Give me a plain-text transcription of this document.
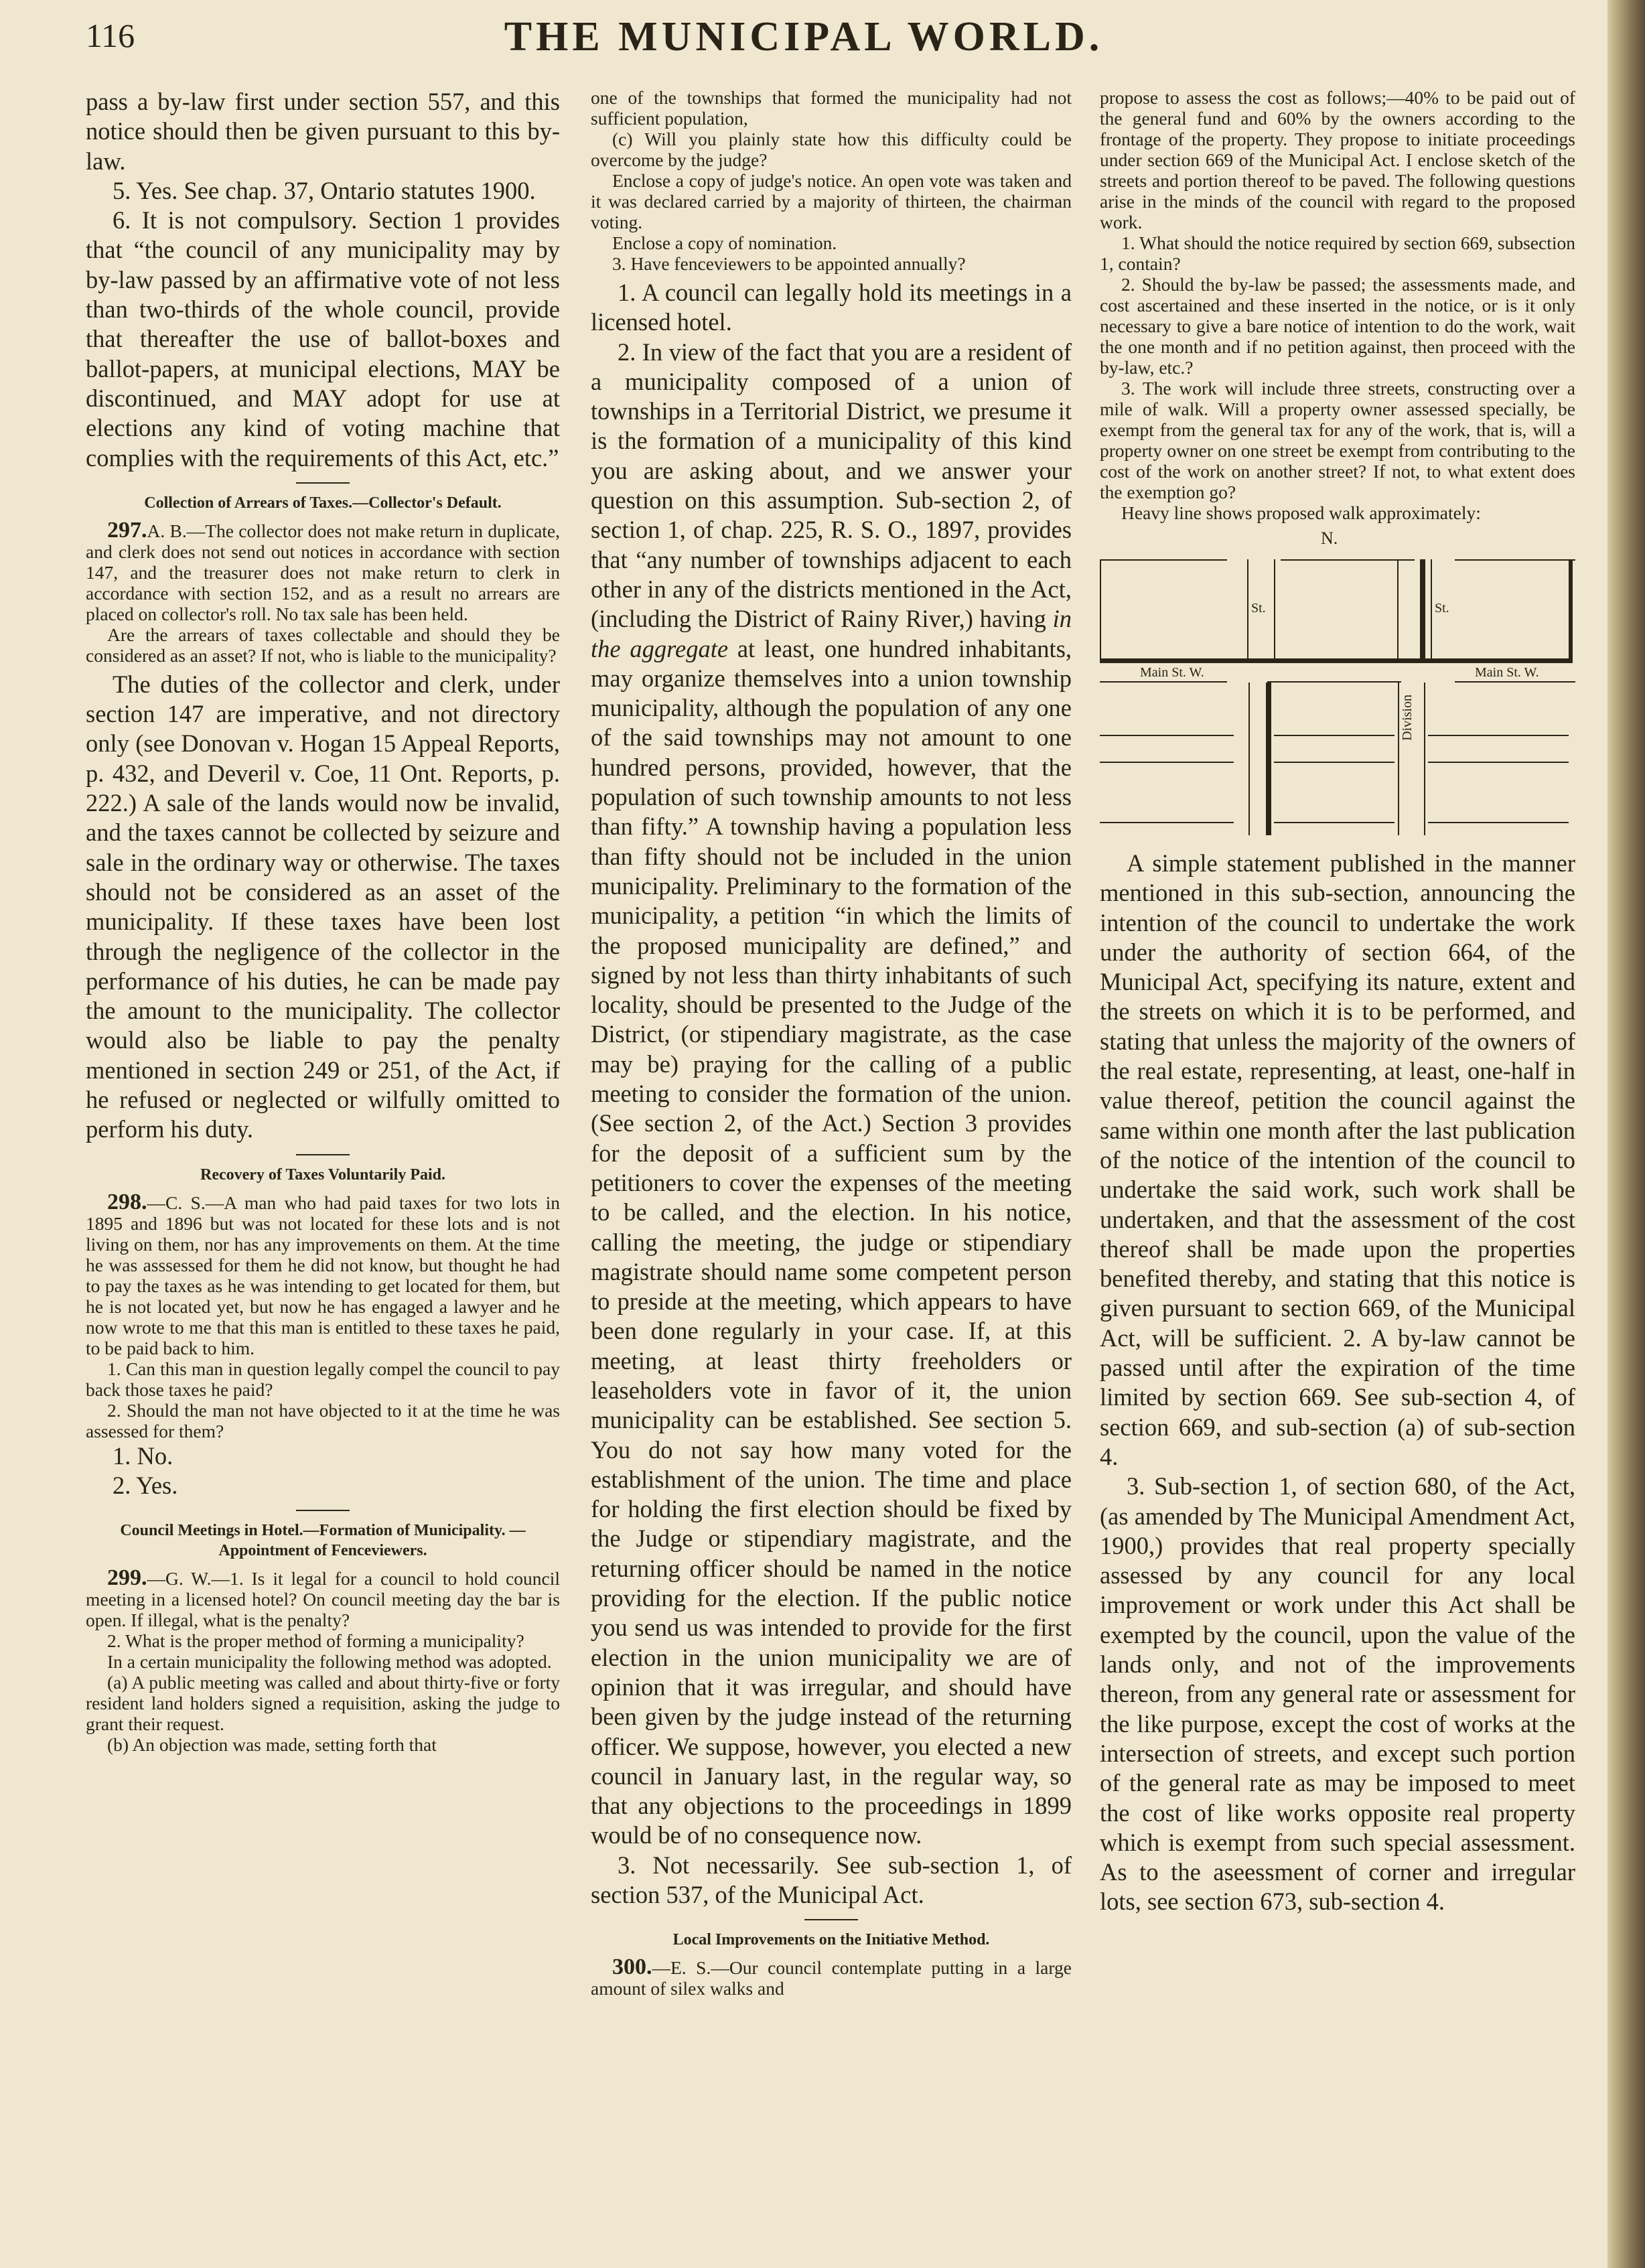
116	THE MUNICIPAL WORLD.

pass a by-law first under section 557, and this notice should then be given pursuant to this by-law.

5. Yes. See chap. 37, Ontario statutes 1900.

6. It is not compulsory. Section 1 provides that “the council of any municipality may by by-law passed by an affirmative vote of not less than two-thirds of the whole council, provide that thereafter the use of ballot-boxes and ballot-papers, at municipal elections, MAY be discontinued, and MAY adopt for use at elections any kind of voting machine that complies with the requirements of this Act, etc.”

Collection of Arrears of Taxes.—Collector's Default.

297.A. B.—The collector does not make return in duplicate, and clerk does not send out notices in accordance with section 147, and the treasurer does not make return to clerk in accordance with section 152, and as a result no arrears are placed on collector's roll. No tax sale has been held.

Are the arrears of taxes collectable and should they be considered as an asset? If not, who is liable to the municipality?

The duties of the collector and clerk, under section 147 are imperative, and not directory only (see Donovan v. Hogan 15 Appeal Reports, p. 432, and Deveril v. Coe, 11 Ont. Reports, p. 222.) A sale of the lands would now be invalid, and the taxes cannot be collected by seizure and sale in the ordinary way or otherwise. The taxes should not be considered as an asset of the municipality. If these taxes have been lost through the negligence of the collector in the performance of his duties, he can be made pay the amount to the municipality. The collector would also be liable to pay the penalty mentioned in section 249 or 251, of the Act, if he refused or neglected or wilfully omitted to perform his duty.

Recovery of Taxes Voluntarily Paid.

298.—C. S.—A man who had paid taxes for two lots in 1895 and 1896 but was not located for these lots and is not living on them, nor has any improvements on them. At the time he was asssessed for them he did not know, but thought he had to pay the taxes as he was intending to get located for them, but he is not located yet, but now he has engaged a lawyer and he now wrote to me that this man is entitled to these taxes he paid, to be paid back to him.

1. Can this man in question legally compel the council to pay back those taxes he paid?

2. Should the man not have objected to it at the time he was assessed for them?

1. No.

2. Yes.

Council Meetings in Hotel.—Formation of Municipality. —Appointment of Fenceviewers.

299.—G. W.—1. Is it legal for a council to hold council meeting in a licensed hotel? On council meeting day the bar is open. If illegal, what is the penalty?

2. What is the proper method of forming a municipality?

In a certain municipality the following method was adopted.

(a) A public meeting was called and about thirty-five or forty resident land holders signed a requisition, asking the judge to grant their request.

(b) An objection was made, setting forth that

one of the townships that formed the municipality had not sufficient population,

(c) Will you plainly state how this difficulty could be overcome by the judge?

Enclose a copy of judge's notice. An open vote was taken and it was declared carried by a majority of thirteen, the chairman voting.

Enclose a copy of nomination.

3. Have fenceviewers to be appointed annually?

1. A council can legally hold its meetings in a licensed hotel.

2. In view of the fact that you are a resident of a municipality composed of a union of townships in a Territorial District, we presume it is the formation of a municipality of this kind you are asking about, and we answer your question on this assumption. Sub-section 2, of section 1, of chap. 225, R. S. O., 1897, provides that “any number of townships adjacent to each other in any of the districts mentioned in the Act, (including the District of Rainy River,) having in the aggregate at least, one hundred inhabitants, may organize themselves into a union township municipality, although the population of any one of the said townships may not amount to one hundred persons, provided, however, that the population of such township amounts to not less than fifty.” A township having a population less than fifty should not be included in the union municipality. Preliminary to the formation of the municipality, a petition “in which the limits of the proposed municipality are defined,” and signed by not less than thirty inhabitants of such locality, should be presented to the Judge of the District, (or stipendiary magistrate, as the case may be) praying for the calling of a public meeting to consider the formation of the union. (See section 2, of the Act.) Section 3 provides for the deposit of a sufficient sum by the petitioners to cover the expenses of the meeting to be called, and the election. In his notice, calling the meeting, the judge or stipendiary magistrate should name some competent person to preside at the meeting, which appears to have been done regularly in your case. If, at this meeting, at least thirty freeholders or leaseholders vote in favor of it, the union municipality can be established. See section 5. You do not say how many voted for the establishment of the union. The time and place for holding the first election should be fixed by the Judge or stipendiary magistrate, and the returning officer should be named in the notice providing for the election. If the public notice you send us was intended to provide for the first election in the union municipality we are of opinion that it was irregular, and should have been given by the judge instead of the returning officer. We suppose, however, you elected a new council in January last, in the regular way, so that any objections to the proceedings in 1899 would be of no consequence now.

3. Not necessarily. See sub-section 1, of section 537, of the Municipal Act.

Local Improvements on the Initiative Method.

300.—E. S.—Our council contemplate putting in a large amount of silex walks and

propose to assess the cost as follows;—40% to be paid out of the general fund and 60% by the owners according to the frontage of the property. They propose to initiate proceedings under section 669 of the Municipal Act. I enclose sketch of the streets and portion thereof to be paved. The following questions arise in the minds of the council with regard to the proposed work.

1. What should the notice required by section 669, subsection 1, contain?

2. Should the by-law be passed; the assessments made, and cost ascertained and these inserted in the notice, or is it only necessary to give a bare notice of intention to do the work, wait the one month and if no petition against, then proceed with the by-law, etc.?

3. The work will include three streets, constructing over a mile of walk. Will a property owner assessed specially, be exempt from the general tax for any of the work, that is, will a property owner on one street be exempt from contributing to the cost of the work on another street? If not, to what extent does the exemption go?

Heavy line shows proposed walk approximately:

N.
St.	St.
Main St. W.	Main St. W.
Division

A simple statement published in the manner mentioned in this sub-section, announcing the intention of the council to undertake the work under the authority of section 664, of the Municipal Act, specifying its nature, extent and the streets on which it is to be performed, and stating that unless the majority of the owners of the real estate, representing, at least, one-half in value thereof, petition the council against the same within one month after the last publication of the notice of the intention of the council to undertake the said work, such work shall be undertaken, and that the assessment of the cost thereof shall be made upon the properties benefited thereby, and stating that this notice is given pursuant to section 669, of the Municipal Act, will be sufficient. 2. A by-law cannot be passed until after the expiration of the time limited by section 669. See sub-section 4, of section 669, and sub-section (a) of sub-section 4.

3. Sub-section 1, of section 680, of the Act, (as amended by The Municipal Amendment Act, 1900,) provides that real property specially assessed by any council for any local improvement or work under this Act shall be exempted by the council, upon the value of the lands only, and not of the improvements thereon, from any general rate or assessment for the like purpose, except the cost of works at the intersection of streets, and except such portion of the general rate as may be imposed to meet the cost of like works opposite real property which is exempt from such special assessment. As to the aseessment of corner and irregular lots, see section 673, sub-section 4.
